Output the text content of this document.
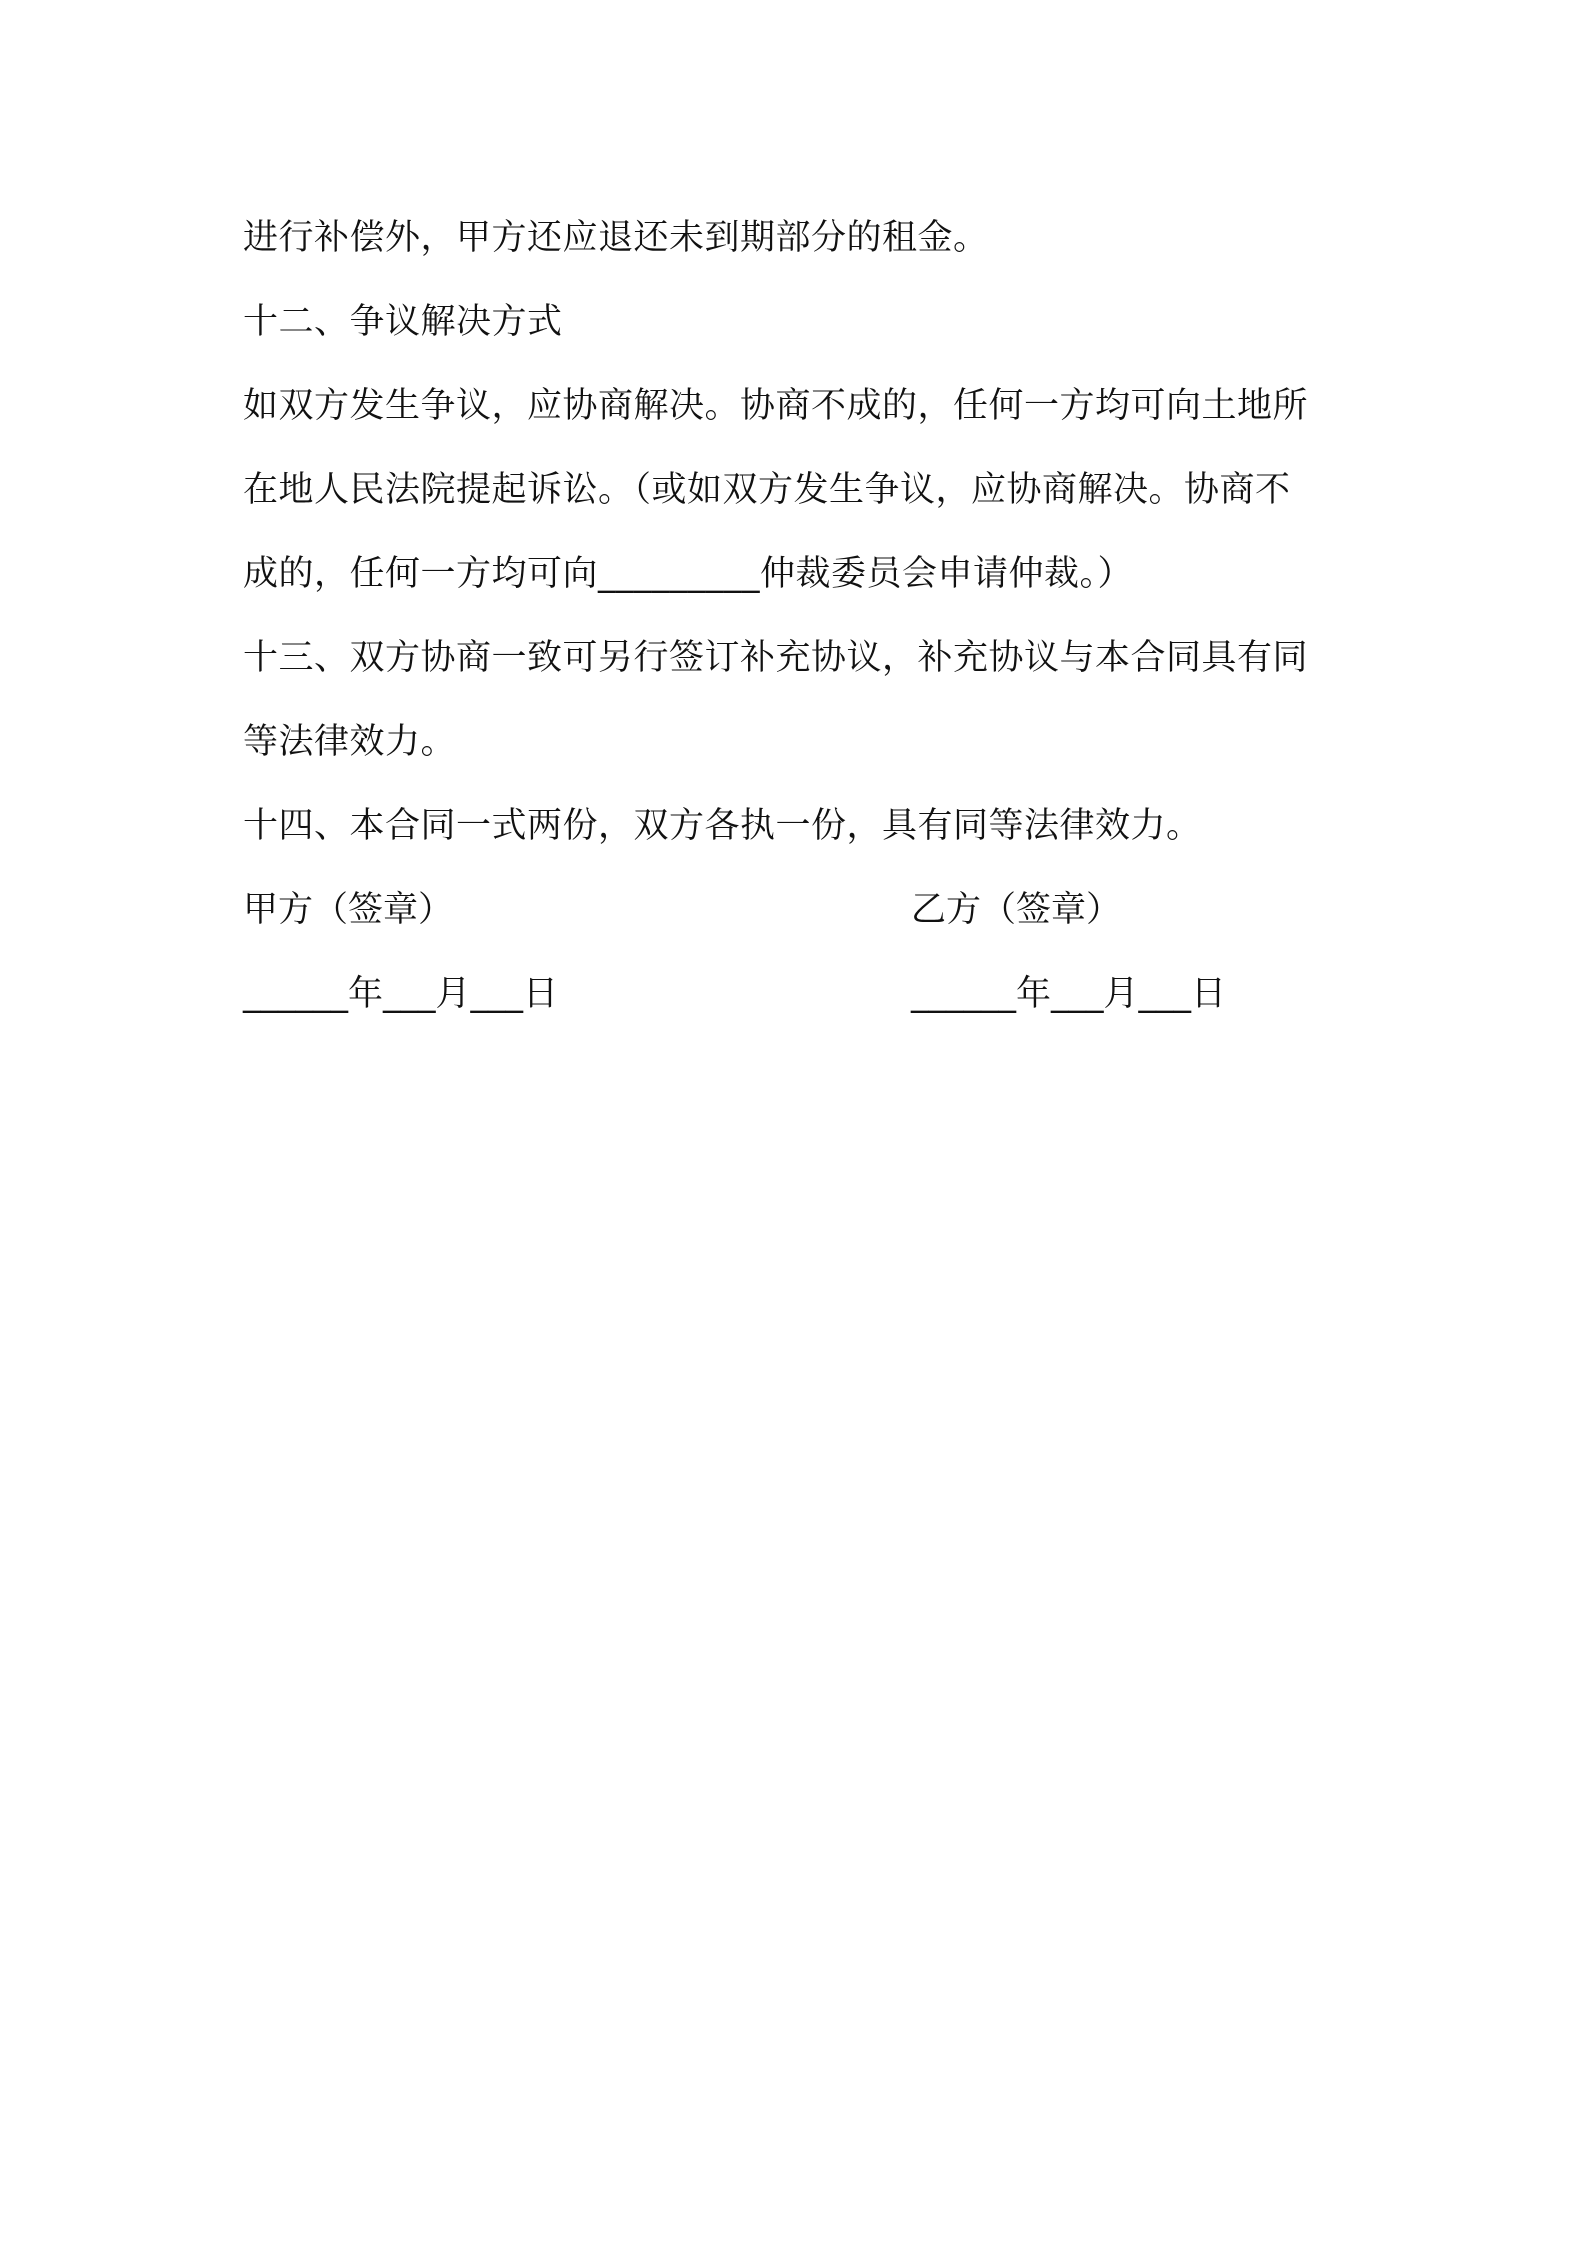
进行补偿外，甲方还应退还未到期部分的租金。
十二、争议解决方式
如双方发生争议，应协商解决。协商不成的，任何一方均可向土地所
在地人民法院提起诉讼。（或如双方发生争议，应协商解决。协商不
成的，任何一方均可向_________仲裁委员会申请仲裁。）
十三、双方协商一致可另行签订补充协议，补充协议与本合同具有同
等法律效力。
十四、本合同一式两份，双方各执一份，具有同等法律效力。
甲方（签章）	乙方（签章）
______年___月___日	______年___月___日
